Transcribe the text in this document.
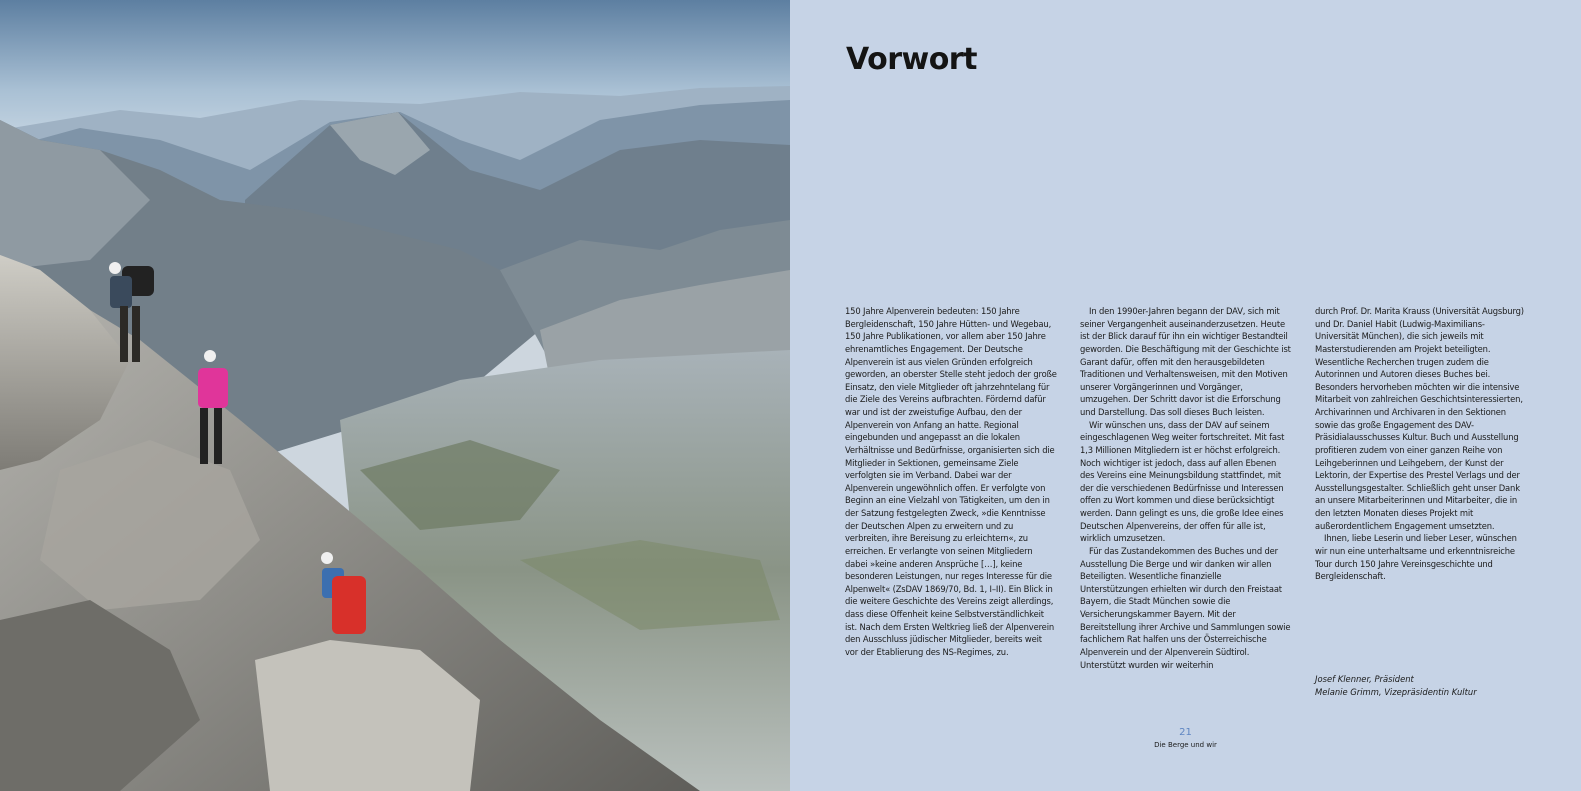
Vorwort

150 Jahre Alpenverein bedeuten: 150 Jahre Bergleidenschaft, 150 Jahre Hütten- und Wegebau, 150 Jahre Publikationen, vor allem aber 150 Jahre ehrenamtliches Engagement. Der Deutsche Alpenverein ist aus vielen Gründen erfolgreich geworden, an oberster Stelle steht jedoch der große Einsatz, den viele Mitglieder oft jahrzehntelang für die Ziele des Vereins aufbrachten. Fördernd dafür war und ist der zweistufige Aufbau, den der Alpenverein von Anfang an hatte. Regional eingebunden und angepasst an die lokalen Verhältnisse und Bedürfnisse, organisierten sich die Mitglieder in Sektionen, gemeinsame Ziele verfolgten sie im Verband. Dabei war der Alpenverein ungewöhnlich offen. Er verfolgte von Beginn an eine Vielzahl von Tätigkeiten, um den in der Satzung festgelegten Zweck, »die Kenntnisse der Deutschen Alpen zu erweitern und zu verbreiten, ihre Bereisung zu erleichtern«, zu erreichen. Er verlangte von seinen Mitgliedern dabei »keine anderen Ansprüche […], keine besonderen Leistungen, nur reges Interesse für die Alpenwelt« (ZsDAV 1869/70, Bd. 1, I–II). Ein Blick in die weitere Geschichte des Vereins zeigt allerdings, dass diese Offenheit keine Selbstverständlichkeit ist. Nach dem Ersten Weltkrieg ließ der Alpenverein den Ausschluss jüdischer Mitglieder, bereits weit vor der Etablierung des NS-Regimes, zu.

In den 1990er-Jahren begann der DAV, sich mit seiner Vergangenheit auseinanderzusetzen. Heute ist der Blick darauf für ihn ein wichtiger Bestandteil geworden. Die Beschäftigung mit der Geschichte ist Garant dafür, offen mit den herausgebildeten Traditionen und Verhaltensweisen, mit den Motiven unserer Vorgängerinnen und Vorgänger, umzugehen. Der Schritt davor ist die Erforschung und Darstellung. Das soll dieses Buch leisten.

Wir wünschen uns, dass der DAV auf seinem eingeschlagenen Weg weiter fortschreitet. Mit fast 1,3 Millionen Mitgliedern ist er höchst erfolgreich. Noch wichtiger ist jedoch, dass auf allen Ebenen des Vereins eine Meinungsbildung stattfindet, mit der die verschiedenen Bedürfnisse und Interessen offen zu Wort kommen und diese berücksichtigt werden. Dann gelingt es uns, die große Idee eines Deutschen Alpenvereins, der offen für alle ist, wirklich umzusetzen.

Für das Zustandekommen des Buches und der Ausstellung Die Berge und wir danken wir allen Beteiligten. Wesentliche finanzielle Unterstützungen erhielten wir durch den Freistaat Bayern, die Stadt München sowie die Versicherungskammer Bayern. Mit der Bereitstellung ihrer Archive und Sammlungen sowie fachlichem Rat halfen uns der Österreichische Alpenverein und der Alpenverein Südtirol. Unterstützt wurden wir weiterhin

durch Prof. Dr. Marita Krauss (Universität Augsburg) und Dr. Daniel Habit (Ludwig-Maximilians-Universität München), die sich jeweils mit Masterstudierenden am Projekt beteiligten. Wesentliche Recherchen trugen zudem die Autorinnen und Autoren dieses Buches bei. Besonders hervorheben möchten wir die intensive Mitarbeit von zahlreichen Geschichtsinteressierten, Archivarinnen und Archivaren in den Sektionen sowie das große Engagement des DAV-Präsidialausschusses Kultur. Buch und Ausstellung profitieren zudem von einer ganzen Reihe von Leihgeberinnen und Leihgebern, der Kunst der Lektorin, der Expertise des Prestel Verlags und der Ausstellungsgestalter. Schließlich geht unser Dank an unsere Mitarbeiterinnen und Mitarbeiter, die in den letzten Monaten dieses Projekt mit außerordentlichem Engagement umsetzten.

Ihnen, liebe Leserin und lieber Leser, wünschen wir nun eine unterhaltsame und erkenntnisreiche Tour durch 150 Jahre Vereinsgeschichte und Bergleidenschaft.

Josef Klenner, Präsident
Melanie Grimm, Vizepräsidentin Kultur
21
Die Berge und wir
